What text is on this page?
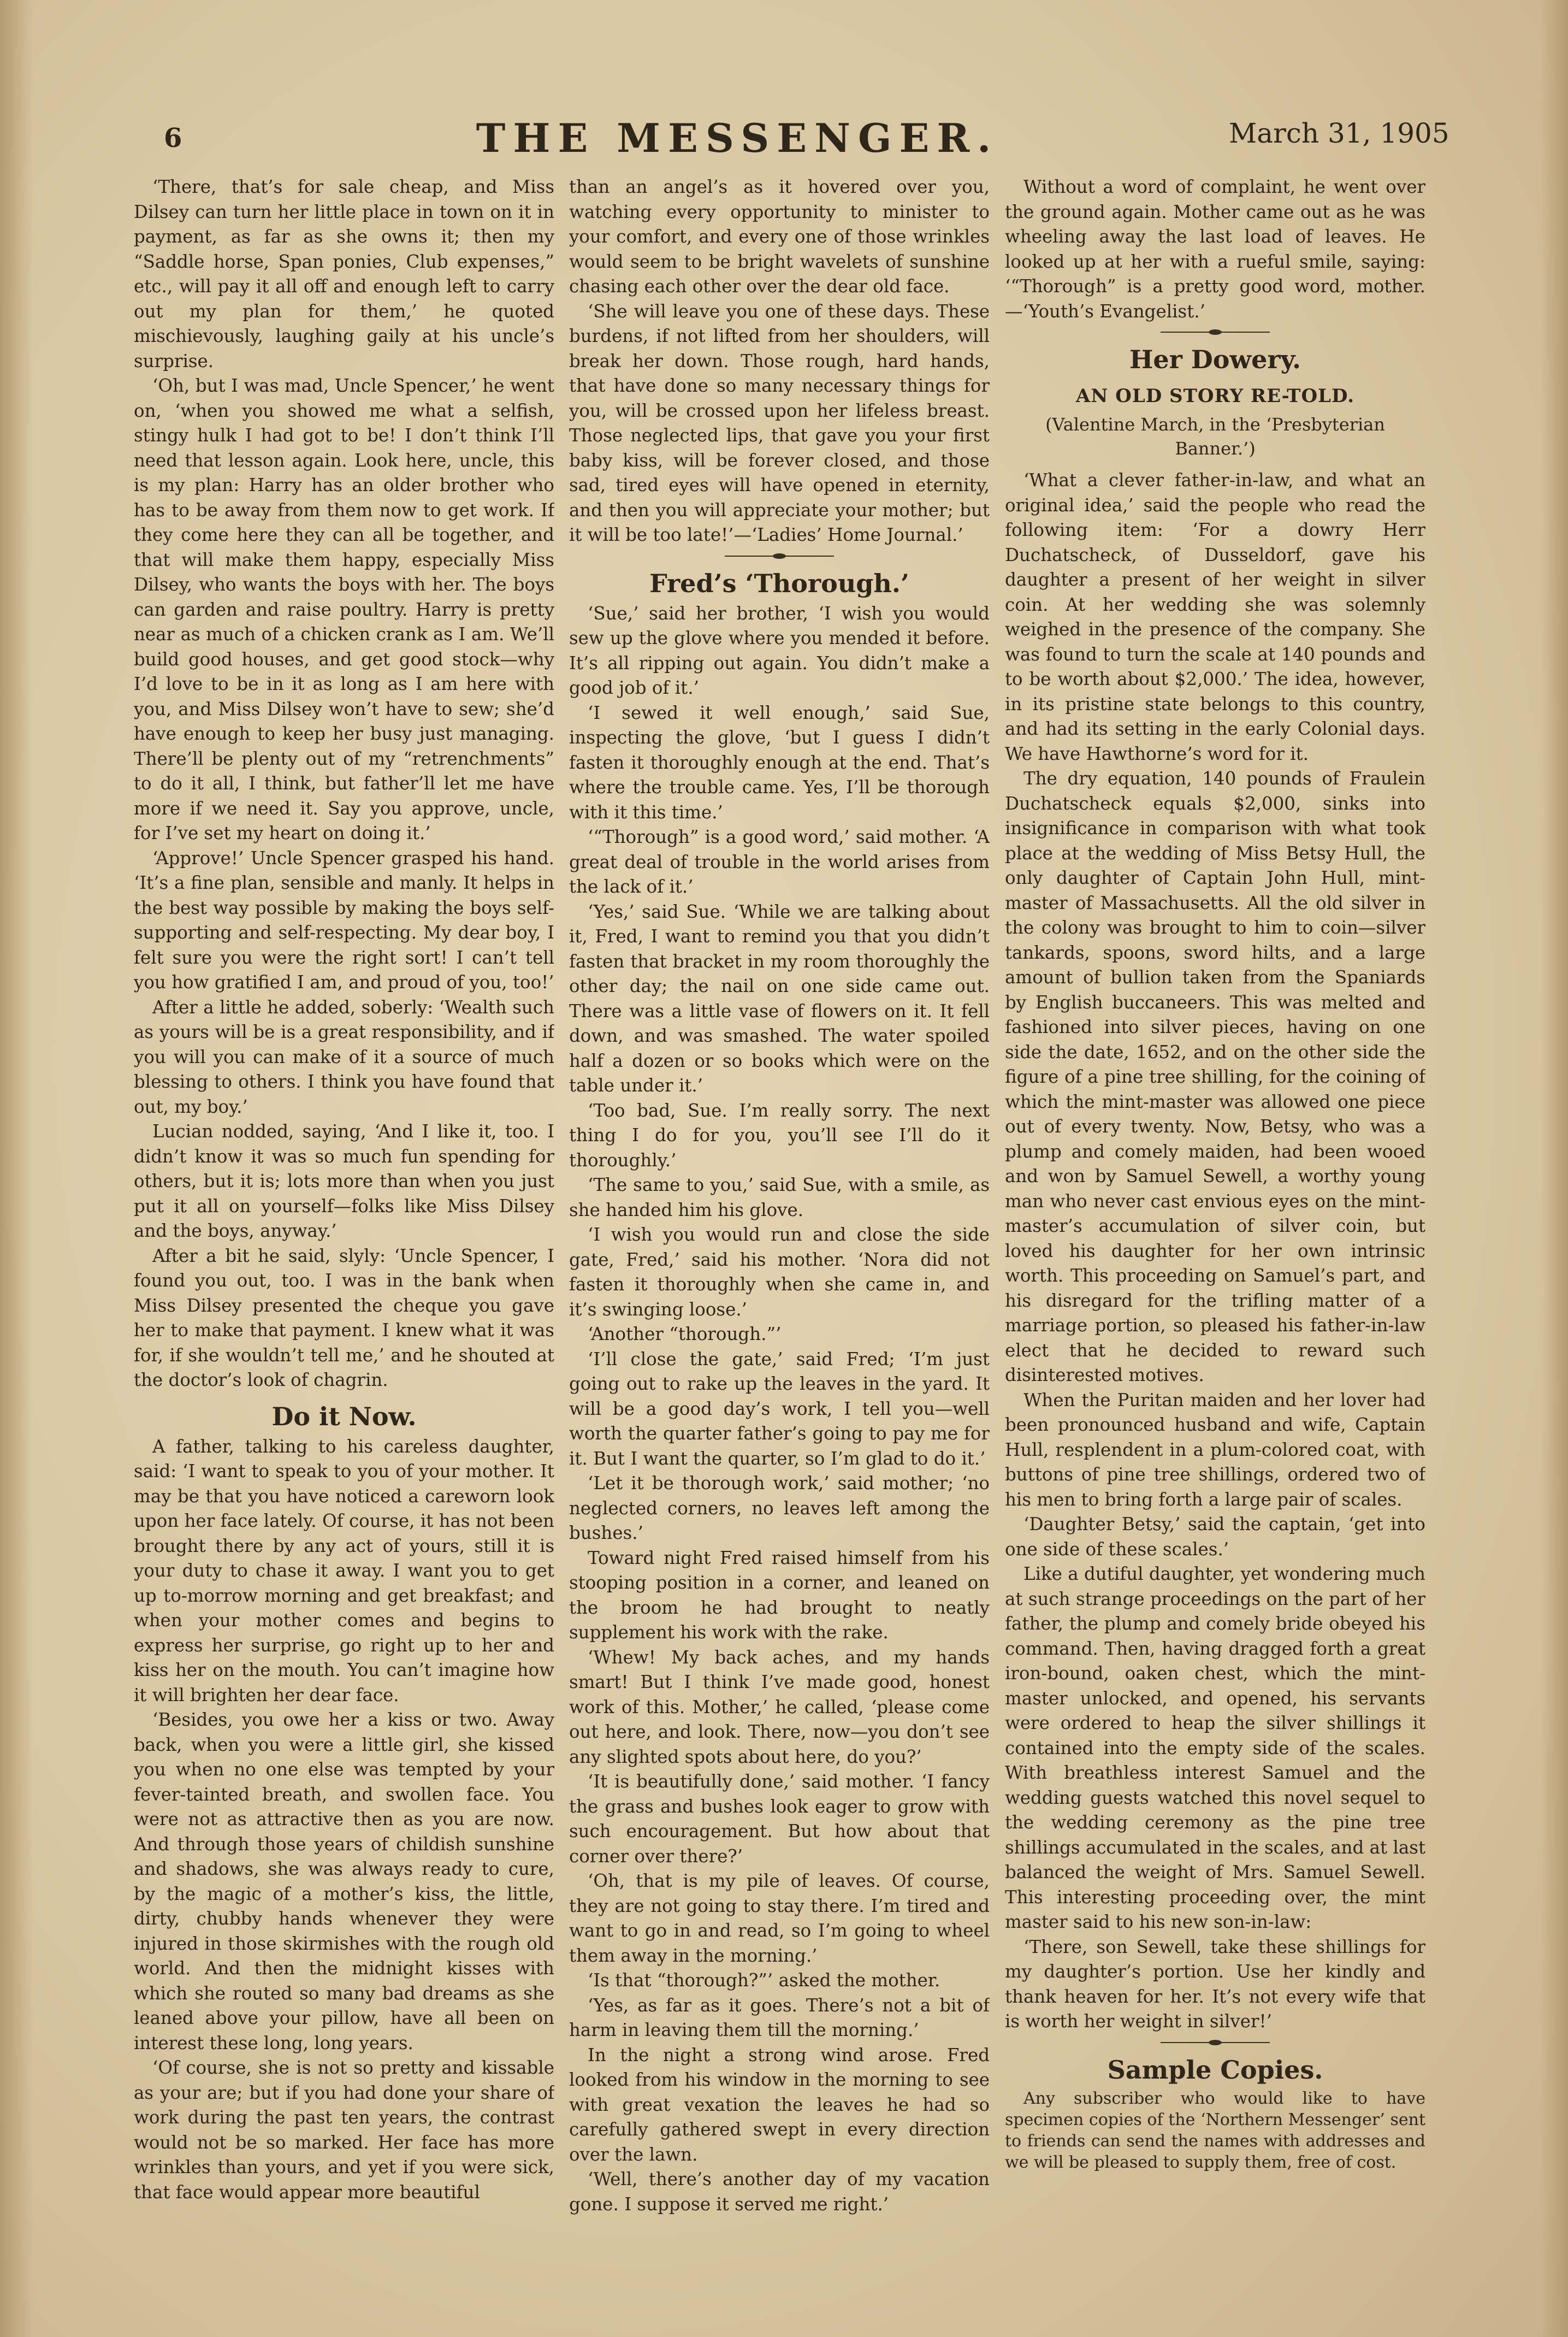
6	THE MESSENGER.	March 31, 1905

‘There, that’s for sale cheap, and Miss Dilsey can turn her little place in town on it in payment, as far as she owns it; then my “Saddle horse, Span ponies, Club expenses,” etc., will pay it all off and enough left to carry out my plan for them,’ he quoted mischievously, laughing gaily at his uncle’s surprise.

‘Oh, but I was mad, Uncle Spencer,’ he went on, ‘when you showed me what a selfish, stingy hulk I had got to be! I don’t think I’ll need that lesson again. Look here, uncle, this is my plan: Harry has an older brother who has to be away from them now to get work. If they come here they can all be together, and that will make them happy, especially Miss Dilsey, who wants the boys with her. The boys can garden and raise poultry. Harry is pretty near as much of a chicken crank as I am. We’ll build good houses, and get good stock—why I’d love to be in it as long as I am here with you, and Miss Dilsey won’t have to sew; she’d have enough to keep her busy just managing. There’ll be plenty out of my “retrenchments” to do it all, I think, but father’ll let me have more if we need it. Say you approve, uncle, for I’ve set my heart on doing it.’

‘Approve!’ Uncle Spencer grasped his hand. ‘It’s a fine plan, sensible and manly. It helps in the best way possible by making the boys self-supporting and self-respecting. My dear boy, I felt sure you were the right sort! I can’t tell you how gratified I am, and proud of you, too!’

After a little he added, soberly: ‘Wealth such as yours will be is a great responsibility, and if you will you can make of it a source of much blessing to others. I think you have found that out, my boy.’

Lucian nodded, saying, ‘And I like it, too. I didn’t know it was so much fun spending for others, but it is; lots more than when you just put it all on yourself—folks like Miss Dilsey and the boys, anyway.’

After a bit he said, slyly: ‘Uncle Spencer, I found you out, too. I was in the bank when Miss Dilsey presented the cheque you gave her to make that payment. I knew what it was for, if she wouldn’t tell me,’ and he shouted at the doctor’s look of chagrin.

Do it Now.

A father, talking to his careless daughter, said: ‘I want to speak to you of your mother. It may be that you have noticed a careworn look upon her face lately. Of course, it has not been brought there by any act of yours, still it is your duty to chase it away. I want you to get up to-morrow morning and get breakfast; and when your mother comes and begins to express her surprise, go right up to her and kiss her on the mouth. You can’t imagine how it will brighten her dear face.

‘Besides, you owe her a kiss or two. Away back, when you were a little girl, she kissed you when no one else was tempted by your fever-tainted breath, and swollen face. You were not as attractive then as you are now. And through those years of childish sunshine and shadows, she was always ready to cure, by the magic of a mother’s kiss, the little, dirty, chubby hands whenever they were injured in those skirmishes with the rough old world. And then the midnight kisses with which she routed so many bad dreams as she leaned above your pillow, have all been on interest these long, long years.

‘Of course, she is not so pretty and kissable as your are; but if you had done your share of work during the past ten years, the contrast would not be so marked. Her face has more wrinkles than yours, and yet if you were sick, that face would appear more beautiful

than an angel’s as it hovered over you, watching every opportunity to minister to your comfort, and every one of those wrinkles would seem to be bright wavelets of sunshine chasing each other over the dear old face.

‘She will leave you one of these days. These burdens, if not lifted from her shoulders, will break her down. Those rough, hard hands, that have done so many necessary things for you, will be crossed upon her lifeless breast. Those neglected lips, that gave you your first baby kiss, will be forever closed, and those sad, tired eyes will have opened in eternity, and then you will appreciate your mother; but it will be too late!’—‘Ladies’ Home Journal.’

Fred’s ‘Thorough.’

‘Sue,’ said her brother, ‘I wish you would sew up the glove where you mended it before. It’s all ripping out again. You didn’t make a good job of it.’

‘I sewed it well enough,’ said Sue, inspecting the glove, ‘but I guess I didn’t fasten it thoroughly enough at the end. That’s where the trouble came. Yes, I’ll be thorough with it this time.’

‘“Thorough” is a good word,’ said mother. ‘A great deal of trouble in the world arises from the lack of it.’

‘Yes,’ said Sue. ‘While we are talking about it, Fred, I want to remind you that you didn’t fasten that bracket in my room thoroughly the other day; the nail on one side came out. There was a little vase of flowers on it. It fell down, and was smashed. The water spoiled half a dozen or so books which were on the table under it.’

‘Too bad, Sue. I’m really sorry. The next thing I do for you, you’ll see I’ll do it thoroughly.’

‘The same to you,’ said Sue, with a smile, as she handed him his glove.

‘I wish you would run and close the side gate, Fred,’ said his mother. ‘Nora did not fasten it thoroughly when she came in, and it’s swinging loose.’

‘Another “thorough.”’

‘I’ll close the gate,’ said Fred; ‘I’m just going out to rake up the leaves in the yard. It will be a good day’s work, I tell you—well worth the quarter father’s going to pay me for it. But I want the quarter, so I’m glad to do it.’

‘Let it be thorough work,’ said mother; ‘no neglected corners, no leaves left among the bushes.’

Toward night Fred raised himself from his stooping position in a corner, and leaned on the broom he had brought to neatly supplement his work with the rake.

‘Whew! My back aches, and my hands smart! But I think I’ve made good, honest work of this. Mother,’ he called, ‘please come out here, and look. There, now—you don’t see any slighted spots about here, do you?’

‘It is beautifully done,’ said mother. ‘I fancy the grass and bushes look eager to grow with such encouragement. But how about that corner over there?’

‘Oh, that is my pile of leaves. Of course, they are not going to stay there. I’m tired and want to go in and read, so I’m going to wheel them away in the morning.’

‘Is that “thorough?”’ asked the mother.

‘Yes, as far as it goes. There’s not a bit of harm in leaving them till the morning.’

In the night a strong wind arose. Fred looked from his window in the morning to see with great vexation the leaves he had so carefully gathered swept in every direction over the lawn.

‘Well, there’s another day of my vacation gone. I suppose it served me right.’

Without a word of complaint, he went over the ground again. Mother came out as he was wheeling away the last load of leaves. He looked up at her with a rueful smile, saying: ‘“Thorough” is a pretty good word, mother.—‘Youth’s Evangelist.’

Her Dowery.
AN OLD STORY RE-TOLD.
(Valentine March, in the ‘Presbyterian Banner.’)

‘What a clever father-in-law, and what an original idea,’ said the people who read the following item: ‘For a dowry Herr Duchatscheck, of Dusseldorf, gave his daughter a present of her weight in silver coin. At her wedding she was solemnly weighed in the presence of the company. She was found to turn the scale at 140 pounds and to be worth about $2,000.’ The idea, however, in its pristine state belongs to this country, and had its setting in the early Colonial days. We have Hawthorne’s word for it.

The dry equation, 140 pounds of Fraulein Duchatscheck equals $2,000, sinks into insignificance in comparison with what took place at the wedding of Miss Betsy Hull, the only daughter of Captain John Hull, mint-master of Massachusetts. All the old silver in the colony was brought to him to coin—silver tankards, spoons, sword hilts, and a large amount of bullion taken from the Spaniards by English buccaneers. This was melted and fashioned into silver pieces, having on one side the date, 1652, and on the other side the figure of a pine tree shilling, for the coining of which the mint-master was allowed one piece out of every twenty. Now, Betsy, who was a plump and comely maiden, had been wooed and won by Samuel Sewell, a worthy young man who never cast envious eyes on the mint-master’s accumulation of silver coin, but loved his daughter for her own intrinsic worth. This proceeding on Samuel’s part, and his disregard for the trifling matter of a marriage portion, so pleased his father-in-law elect that he decided to reward such disinterested motives.

When the Puritan maiden and her lover had been pronounced husband and wife, Captain Hull, resplendent in a plum-colored coat, with buttons of pine tree shillings, ordered two of his men to bring forth a large pair of scales.

‘Daughter Betsy,’ said the captain, ‘get into one side of these scales.’

Like a dutiful daughter, yet wondering much at such strange proceedings on the part of her father, the plump and comely bride obeyed his command. Then, having dragged forth a great iron-bound, oaken chest, which the mint-master unlocked, and opened, his servants were ordered to heap the silver shillings it contained into the empty side of the scales. With breathless interest Samuel and the wedding guests watched this novel sequel to the wedding ceremony as the pine tree shillings accumulated in the scales, and at last balanced the weight of Mrs. Samuel Sewell. This interesting proceeding over, the mint master said to his new son-in-law:

‘There, son Sewell, take these shillings for my daughter’s portion. Use her kindly and thank heaven for her. It’s not every wife that is worth her weight in silver!’

Sample Copies.

Any subscriber who would like to have specimen copies of the ‘Northern Messenger’ sent to friends can send the names with addresses and we will be pleased to supply them, free of cost.
